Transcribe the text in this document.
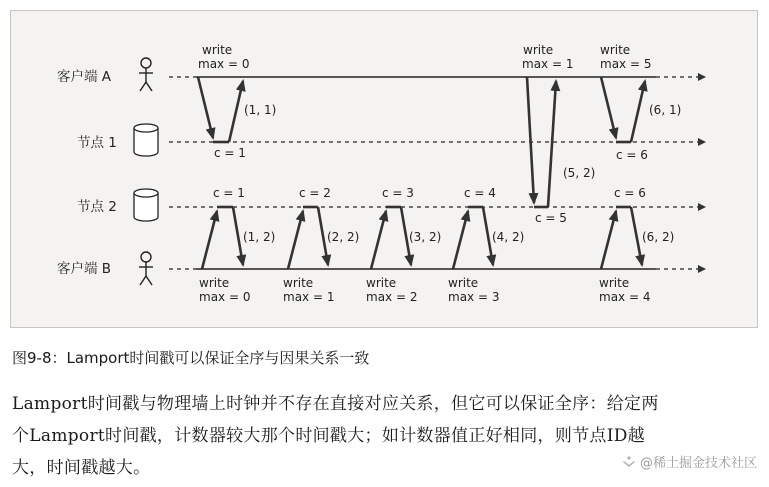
客户端 A
节点 1
节点 2
客户端 B
write
max = 0
c = 1
(1, 1)
write
max = 1
c = 5
(5, 2)
write
max = 5
c = 6
(6, 1)
c = 1	c = 2	c = 3	c = 4	c = 6
(1, 2)	(2, 2)	(3, 2)	(4, 2)	(6, 2)
write
max = 0
write
max = 1
write
max = 2
write
max = 3
write
max = 4
图9-8：Lamport时间戳可以保证全序与因果关系一致
Lamport时间戳与物理墙上时钟并不存在直接对应关系，但它可以保证全序：给定两
个Lamport时间戳，计数器较大那个时间戳大；如计数器值正好相同，则节点ID越
大，时间戳越大。	@稀土掘金技术社区
